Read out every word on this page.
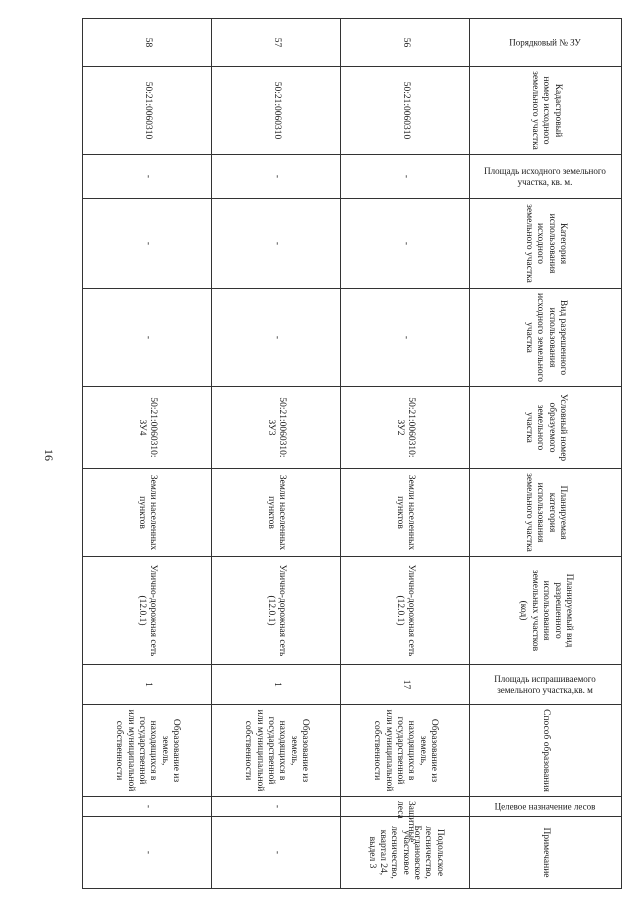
16
Порядковый № ЗУ	Кадастровый номер исходного земельного участка	Площадь исходного земельного участка, кв. м.	Категория использования исходного земельного участка	Вид разрешенного использования исходного земельного участка	Условный номер образуемого земельного участка	Планируемая категория использования земельного участка	Планируемый вид разрешенного использования земельных участков (код)	Площадь испрашиваемого земельного участка,кв. м	Способ образования	Целевое назначение лесов	Примечание
56	50:21:0060310	-	-	-	50:21:0060310: ЗУ2	Земли населенных пунктов	Улично-дорожная сеть (12.0.1)	17	Образование из земель, находящихся в государственной или муниципальной собственности	Защитные леса	Подольское лесничество, Богдановское участковое лесничество, квартал 24, выдел 3
57	50:21:0060310	-	-	-	50:21:0060310: ЗУ3	Земли населенных пунктов	Улично-дорожная сеть (12.0.1)	1	Образование из земель, находящихся в государственной или муниципальной собственности	-	-
58	50:21:0060310	-	-	-	50:21:0060310: ЗУ4	Земли населенных пунктов	Улично-дорожная сеть (12.0.1)	1	Образование из земель, находящихся в государственной или муниципальной собственности	-	-
